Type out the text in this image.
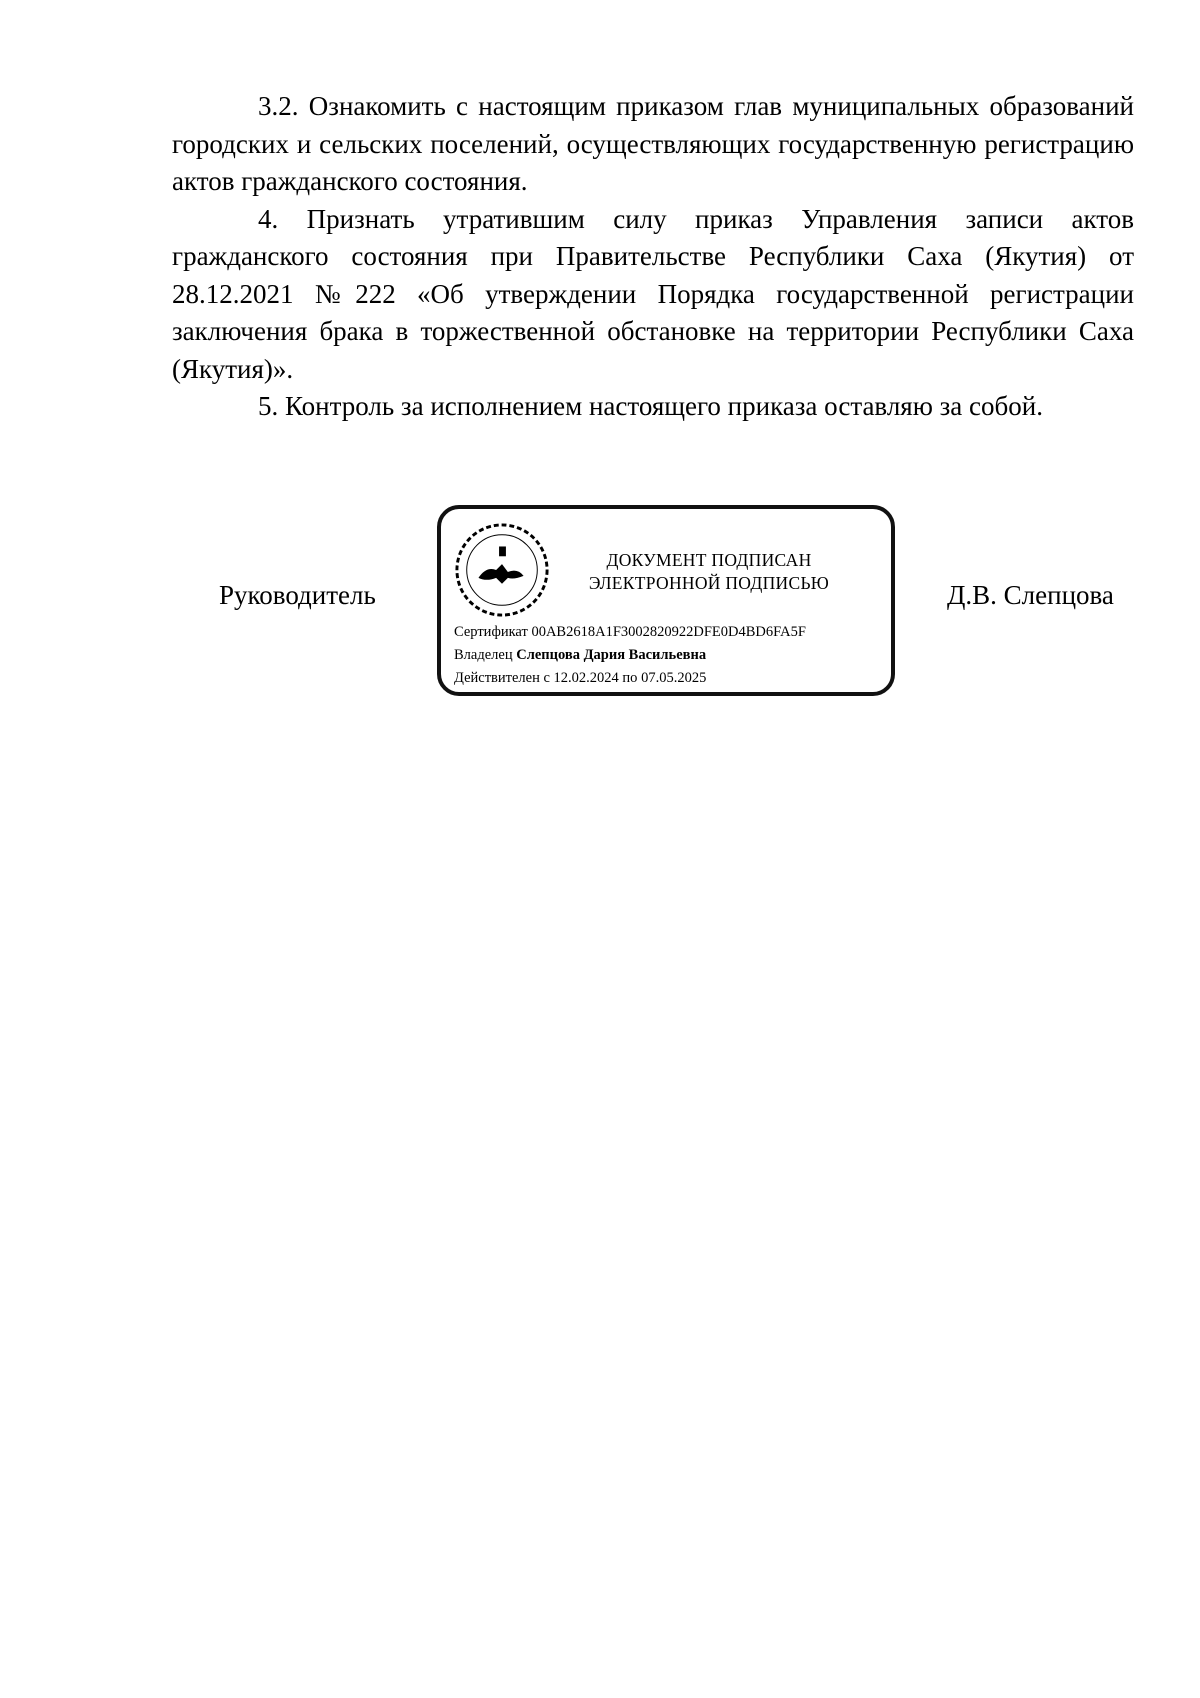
3.2. Ознакомить с настоящим приказом глав муниципальных образований городских и сельских поселений, осуществляющих государственную регистрацию актов гражданского состояния.

4. Признать утратившим силу приказ Управления записи актов гражданского состояния при Правительстве Республики Саха (Якутия) от 28.12.2021 №222 «Об утверждении Порядка государственной регистрации заключения брака в торжественной обстановке на территории Республики Саха (Якутия)».

5. Контроль за исполнением настоящего приказа оставляю за собой.

Руководитель
ДОКУМЕНТ ПОДПИСАН
ЭЛЕКТРОННОЙ ПОДПИСЬЮ
Сертификат 00AB2618A1F3002820922DFE0D4BD6FA5F
Владелец Слепцова Дария Васильевна
Действителен с 12.02.2024 по 07.05.2025
Д.В. Слепцова
